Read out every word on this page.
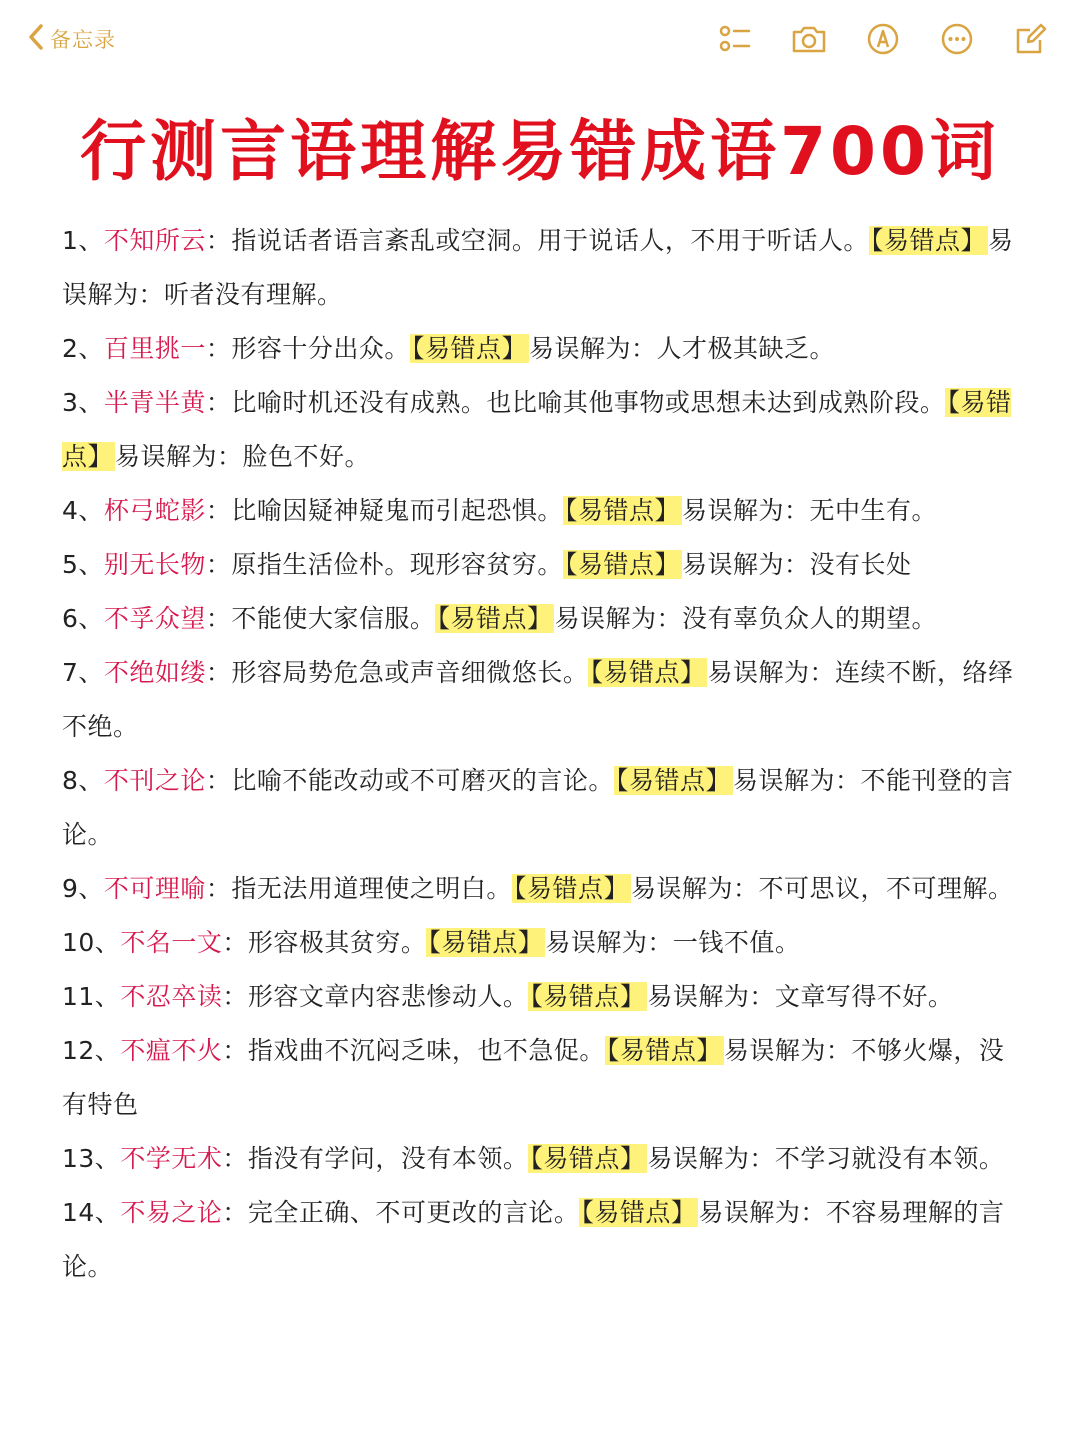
备忘录
行测言语理解易错成语700词

1、不知所云：指说话者语言紊乱或空洞。用于说话人，不用于听话人。【易错点】易误解为：听者没有理解。

2、百里挑一：形容十分出众。【易错点】易误解为：人才极其缺乏。

3、半青半黄：比喻时机还没有成熟。也比喻其他事物或思想未达到成熟阶段。【易错点】易误解为：脸色不好。

4、杯弓蛇影：比喻因疑神疑鬼而引起恐惧。【易错点】易误解为：无中生有。

5、别无长物：原指生活俭朴。现形容贫穷。【易错点】易误解为：没有长处

6、不孚众望：不能使大家信服。【易错点】易误解为：没有辜负众人的期望。

7、不绝如缕：形容局势危急或声音细微悠长。【易错点】易误解为：连续不断，络绎不绝。

8、不刊之论：比喻不能改动或不可磨灭的言论。【易错点】易误解为：不能刊登的言论。

9、不可理喻：指无法用道理使之明白。【易错点】易误解为：不可思议，不可理解。

10、不名一文：形容极其贫穷。【易错点】易误解为：一钱不值。

11、不忍卒读：形容文章内容悲惨动人。【易错点】易误解为：文章写得不好。

12、不瘟不火：指戏曲不沉闷乏味，也不急促。【易错点】易误解为：不够火爆，没有特色

13、不学无术：指没有学问，没有本领。【易错点】易误解为：不学习就没有本领。

14、不易之论：完全正确、不可更改的言论。【易错点】易误解为：不容易理解的言论。
